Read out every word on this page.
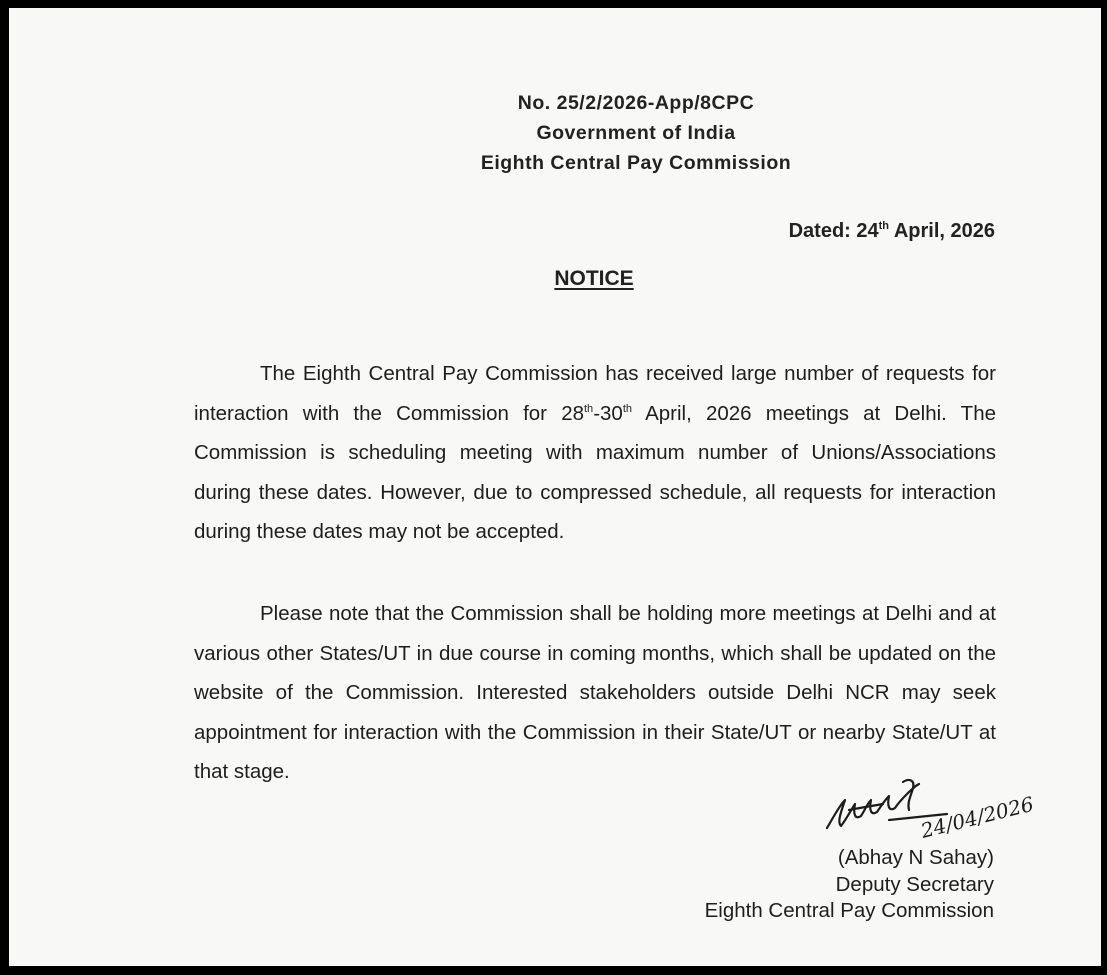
No. 25/2/2026-App/8CPC
Government of India
Eighth Central Pay Commission
Dated: 24th April, 2026
NOTICE

The Eighth Central Pay Commission has received large number of requests for interaction with the Commission for 28th-30th April, 2026 meetings at Delhi. The Commission is scheduling meeting with maximum number of Unions/Associations during these dates. However, due to compressed schedule, all requests for interaction during these dates may not be accepted.

Please note that the Commission shall be holding more meetings at Delhi and at various other States/UT in due course in coming months, which shall be updated on the website of the Commission. Interested stakeholders outside Delhi NCR may seek appointment for interaction with the Commission in their State/UT or nearby State/UT at that stage.

24/04/2026
(Abhay N Sahay)
Deputy Secretary
Eighth Central Pay Commission
